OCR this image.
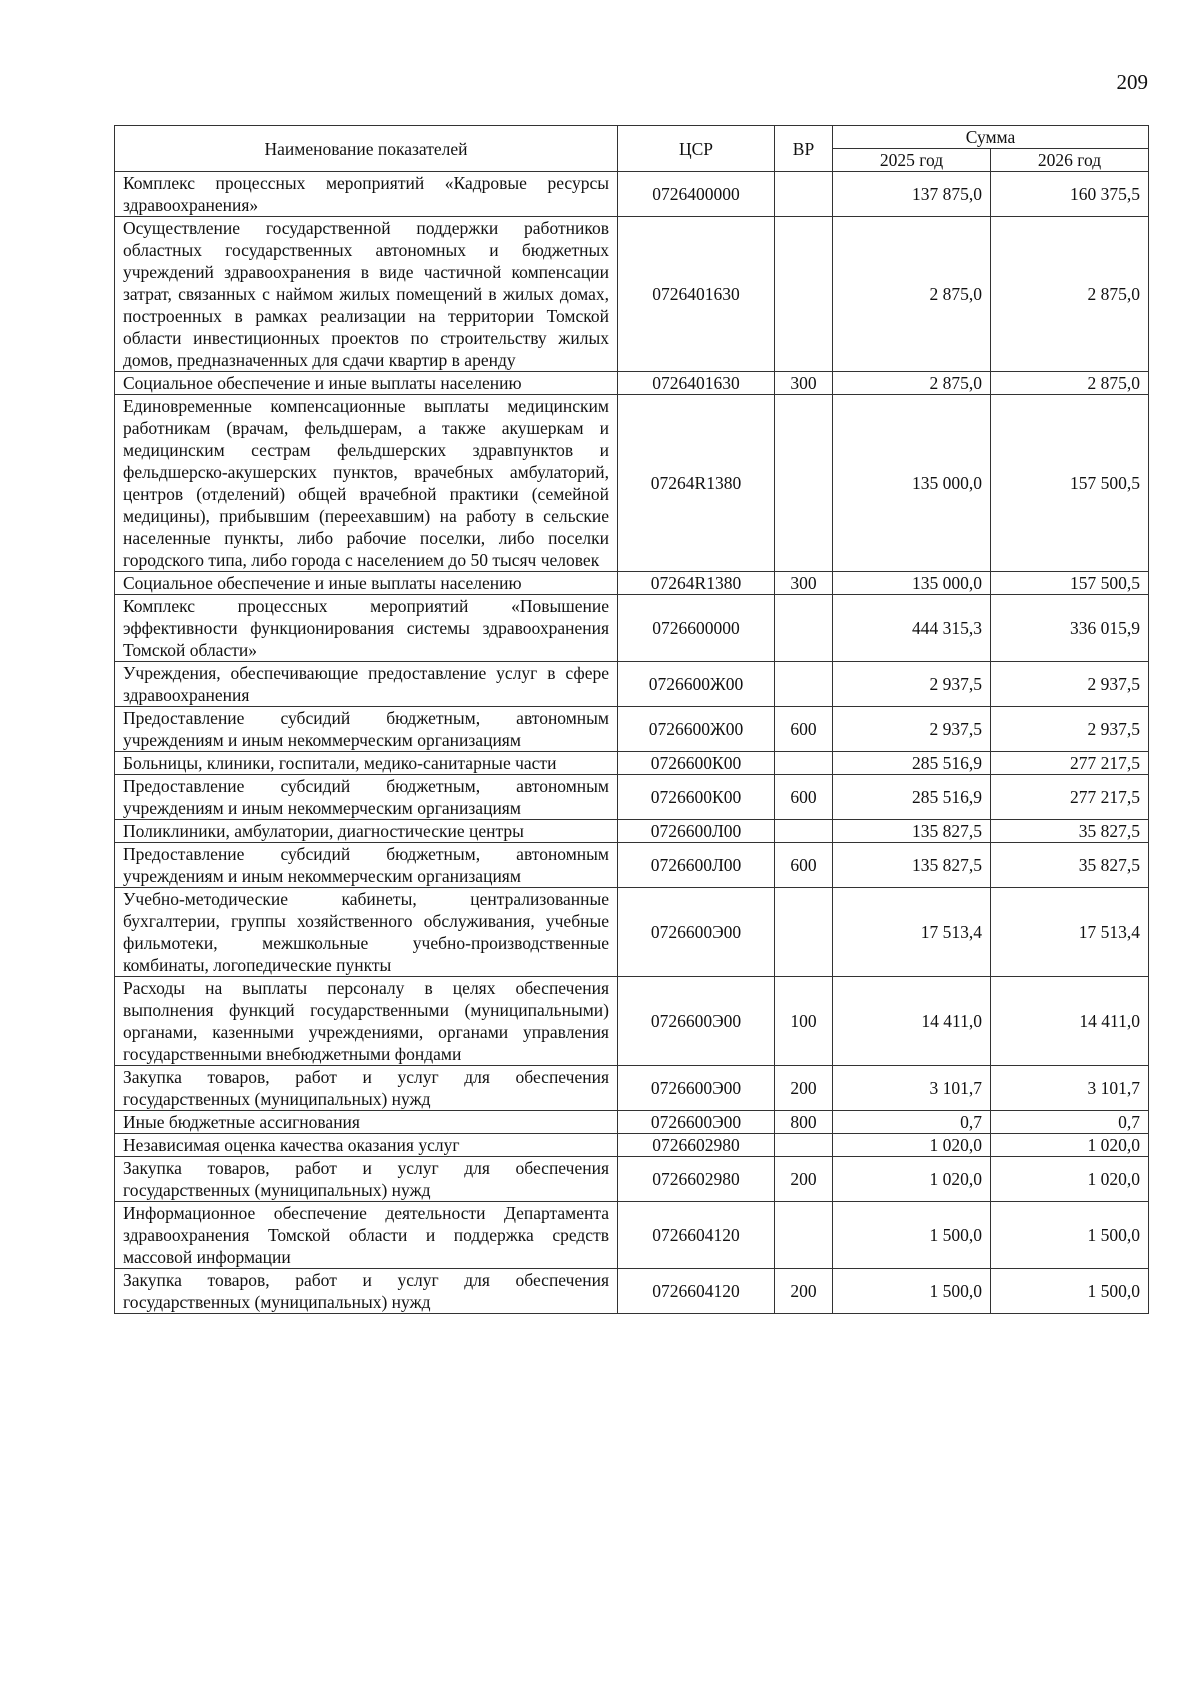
209
Наименование показателей	ЦСР	ВР	Сумма	
			2025 год	2026 год
Комплекс процессных мероприятий «Кадровые ресурсы здравоохранения»	0726400000		137 875,0	160 375,5
Осуществление государственной поддержки работников областных государственных автономных и бюджетных учреждений здравоохранения в виде частичной компенсации затрат, связанных с наймом жилых помещений в жилых домах, построенных в рамках реализации на территории Томской области инвестиционных проектов по строительству жилых домов, предназначенных для сдачи квартир в аренду	0726401630		2 875,0	2 875,0
Социальное обеспечение и иные выплаты населению	0726401630	300	2 875,0	2 875,0
Единовременные компенсационные выплаты медицинским работникам (врачам, фельдшерам, а также акушеркам и медицинским сестрам фельдшерских здравпунктов и фельдшерско-акушерских пунктов, врачебных амбулаторий, центров (отделений) общей врачебной практики (семейной медицины), прибывшим (переехавшим) на работу в сельские населенные пункты, либо рабочие поселки, либо поселки городского типа, либо города с населением до 50 тысяч человек	07264R1380		135 000,0	157 500,5
Социальное обеспечение и иные выплаты населению	07264R1380	300	135 000,0	157 500,5
Комплекс процессных мероприятий «Повышение эффективности функционирования системы здравоохранения Томской области»	0726600000		444 315,3	336 015,9
Учреждения, обеспечивающие предоставление услуг в сфере здравоохранения	0726600Ж00		2 937,5	2 937,5
Предоставление субсидий бюджетным, автономным учреждениям и иным некоммерческим организациям	0726600Ж00	600	2 937,5	2 937,5
Больницы, клиники, госпитали, медико-санитарные части	0726600К00		285 516,9	277 217,5
Предоставление субсидий бюджетным, автономным учреждениям и иным некоммерческим организациям	0726600К00	600	285 516,9	277 217,5
Поликлиники, амбулатории, диагностические центры	0726600Л00		135 827,5	35 827,5
Предоставление субсидий бюджетным, автономным учреждениям и иным некоммерческим организациям	0726600Л00	600	135 827,5	35 827,5
Учебно-методические кабинеты, централизованные бухгалтерии, группы хозяйственного обслуживания, учебные фильмотеки, межшкольные учебно-производственные комбинаты, логопедические пункты	0726600Э00		17 513,4	17 513,4
Расходы на выплаты персоналу в целях обеспечения выполнения функций государственными (муниципальными) органами, казенными учреждениями, органами управления государственными внебюджетными фондами	0726600Э00	100	14 411,0	14 411,0
Закупка товаров, работ и услуг для обеспечения государственных (муниципальных) нужд	0726600Э00	200	3 101,7	3 101,7
Иные бюджетные ассигнования	0726600Э00	800	0,7	0,7
Независимая оценка качества оказания услуг	0726602980		1 020,0	1 020,0
Закупка товаров, работ и услуг для обеспечения государственных (муниципальных) нужд	0726602980	200	1 020,0	1 020,0
Информационное обеспечение деятельности Департамента здравоохранения Томской области и поддержка средств массовой информации	0726604120		1 500,0	1 500,0
Закупка товаров, работ и услуг для обеспечения государственных (муниципальных) нужд	0726604120	200	1 500,0	1 500,0
